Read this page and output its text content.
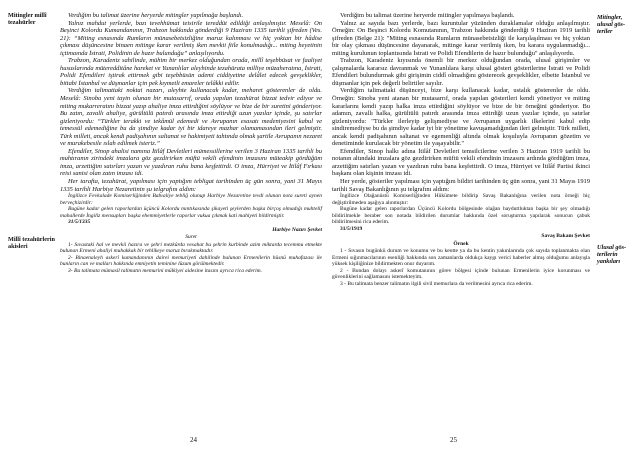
Mitingler millî tezahürler
Millî tezahürlerin akisleri

Verdiğim bu talimat üzerine heryerde mitingler yapılmağa başlandı.

Yalnız mahdut yerlerde, bazı tevehhümat teisirile tereddüt edildiği anlaşılmıştır. Meselâ: On Beşinci Kolordu Kumandanının, Trabzon hakkında gönderdiği 9 Haziran 1335 tarihli şifreden (Ves. 21): “Miting esnasında Rumların münasebetsizliğine maruz kalınması ve hiç yoktan bir hâdise çıkması düşüncesine binaen mitinge karar verilmiş iken mevkii fiile konulmadığı... miting heyetinin içtimaında İstrati, Polidinin de hazır bulunduğu” anlaşılıyordu.

Trabzon, Karadeniz sahilinde, mühim bir merkez olduğundan orada, millî teşebbüsat ve faaliyet hususlarında müteredditâne hareket ve Yunanlılar aleyhinde tezahürata milliye müzaheratına, İstrati, Polidi Efendileri iştirak ettirmek gibi teşebbüsün ademi ciddiyetine delâlet edecek gevşeklikler, bittabi İstanbul ve düşmanlar için pek kıymetli emareler telâkki edilir.

Verdiğim talimattaki noktai nazarı, aleyhte kullanacak kadar, meharet gösterenler de oldu. Meselâ: Sinoba yeni tayin olunan bir mutasarrıf, orada yapılan tezahürat bizzat tedvir ediyor ve miting mukarreratını bizzat yazıp ahaliye imza ettirdiğini söylüyor ve bize de bir suretini gönderiyor. Bu zatın, zavallı ahaliye, gürültülü patırdı arasında imza ettirdiği uzun yazılar içinde, şu satırlar gizleniyordu: “Türkler terakki ve tekâmül edemedi ve Avrupanın esasatı medeniyesini kabul ve temessül edemediğine bu da şimdiye kadar iyi bir idareye mazhar olamamasından ileri gelmiştir. Türk milleti, ancak kendi padişahının saltanat ve hakimiyeti tahtında olmak şartile Avrupanın nezaret ve murakebesile ıslah edilmek isteriz.”

Efendiler, Sinop ahalisi namına İtilâf Devletleri mümessillerine verilen 3 Haziran 1335 tarihli bu muhtıranın zirindeki imzalara göz gezdirirken müftü vekili efendinin imzasını müteakip gördüğüm imza, arzettiğim satırları yazan ve yazdıran ruhu bana keşfettirdi. O imza, Hürriyet ve İtilâf Fırkası reisi sanisi olan zatın imzası idi.

Her tarafta, tezahürat, yapılması için yaptığım tebligat tarihinden üç gün sonra, yani 31 Mayıs 1335 tarihli Harbiye Nezaretinin şu telgrafını aldım:

İngilizce Fevkalade Komiserliğinden Babıaliye tebliğ olunup Harbiye Nezaretine tevdi olunan nota sureti aynen berveçhizirdir:

Bugüne kadar gelen raporlardan üçüncü Kolordu mıntıkasında şikayeti şeylerden başka birçoş olmadığı muhtelif mahallerde İngiliz mensupları başka ehemmiyetlerle raporlar vukua çıkmak kati mahiyeti bildirmiştir.

31/5/1335

Harbiye Nazırı Şevket

Suret

1- Sıvastaki hal ve mevkii hazıra ve şehri mezkûrda vesahat bu şehrin kurbinde azim miktarda tecemmu etmekte bulunan Ermeni ahaliyi muhakkak bir tehlikeye maruz bırakmaktadır.

2- Binaenaleyh askerî kumandanının dairei memuriyeti dahilinde bulunan Ermenilerin hüsnü muhafazası ile bunların can ve malları hakkında emniyetin teminine lüzum görülmektedir.

3- Bu talimata mümasil talimatın memurini mülkiyei aidesine itasını ayrıca rica ederim.

24

Verdiğim bu talimat üzerine heryerde mitingler yapılmaya başlandı.

Yalnız az sayıda bazı yerlerde, bazı kuruntular yüzünden duraklamalar olduğu anlaşılmıştır. Örneğin: On Beşinci Kolordu Komutanının, Trabzon hakkında gönderdiği 9 Haziran 1919 tarihli şifreden (Belge 21): "Miting esnasında Rumların münasebetsizliği ile karşılaşılması ve hiç yoktan bir olay çıkması düşüncesine dayanarak, mitinge karar verilmiş iken, bu karara uygulanmadığı... miting kurulunun toplantısında İstrati ve Polidi Efendilerin de hazır bulunduğu" anlaşılıyordu.

Trabzon, Karadeniz kıyısında önemli bir merkez olduğundan orada, ulusal girişimler ve çalışmalarda kararsız davranmak ve Yunanlılara karşı ulusal gösteri gösterilerine İstrati ve Polidi Efendileri bulundurmak gibi girişimin ciddî olmadığını gösterecek gevşeklikler, elbette İstanbul ve düşmanlar için pek değerli belirtiler sayılır.

Verdiğim talimattaki düşünceyi, bize karşı kullanacak kadar, ustalık gösterenler de oldu. Örneğin: Sinoba yeni atanan bir mutasarrıf, orada yapılan gösterileri kendi yönetiyor ve miting kararlarını kendi yazıp halka imza ettirdiğini söylüyor ve bize de bir örneğini gönderiyor. Bu adamın, zavallı halka, gürültülü patırdı arasında imza ettirdiği uzun yazılar içinde, şu satırlar gizleniyordu: "Türkler ilerleyip gelişmediyse ve Avrupanın uygarlık ilkelerini kabul edip sindiremediyse bu da şimdiye kadar iyi bir yönetime kavuşamadığından ileri gelmiştir. Türk milleti, ancak kendi padişahının saltanat ve egemenliği altında olmak koşuluyla Avrupanın gözetim ve denetiminde kurulacak bir yönetim ile yaşayabilir."

Efendiler, Sinop halkı adına İtilâf Devletleri temsilcilerine verilen 3 Haziran 1919 tarihli bu notanın altındaki imzalara göz gezdirirken müftü vekili efendinin imzasını ardında gördüğüm imza, arzettiğim satırları yazan ve yazdıran ruhu bana keşfettirdi. O imza, Hürriyet ve İtilâf Partisi ikinci başkanı olan kişinin imzası idi.

Her yerde, gösteriler yapılması için yaptığım bildiri tarihinden üç gün sonra, yani 31 Mayıs 1919 tarihli Savaş Bakanlığının şu telgrafını aldım:

İngilizce Olağanüstü Komiserliğinden Hükümete bildirip Savaş Bakanlığına verilen nota örneği hiç değiştirilmeden aşağıya alınmıştır:

Bugüne kadar gelen raporlardan Üçüncü Kolordu bölgesinde olağan hayduttluktan başka bir şey olmadığı bildirilmekle beraber son notada bildirilen durumlar hakkında özel soruşturma yapılarak sonucun çabuk bildirilmesini rica ederim.

31/5/1919

Savaş Bakanı Şevket

Örnek

1 - Sıvasın bugünkü durum ve konumu ve bu kentte ya da bu kentin yakınlarında çok sayıda toplanmakta olan Ermeni sığınmacılarının esenliği hakkında son zamanlarda oldukça kaygı verici haberler almış olduğumu anlayışla yüksek kişiliğinize bildirmekten onur duyarım.

2 - Bundan dolayı askerî komutanının görev bölgesi içinde bulunan Ermenilerin iyice korunması ve güvenliklerini sağlamasını istemekteyim.

3 - Bu talimata benzer talimatın ilgili sivil memurlara da verilmesini ayrıca rica ederim.

Mitingler, ulusal gösteriler
Ulusal gösterilerin yankıları
25
